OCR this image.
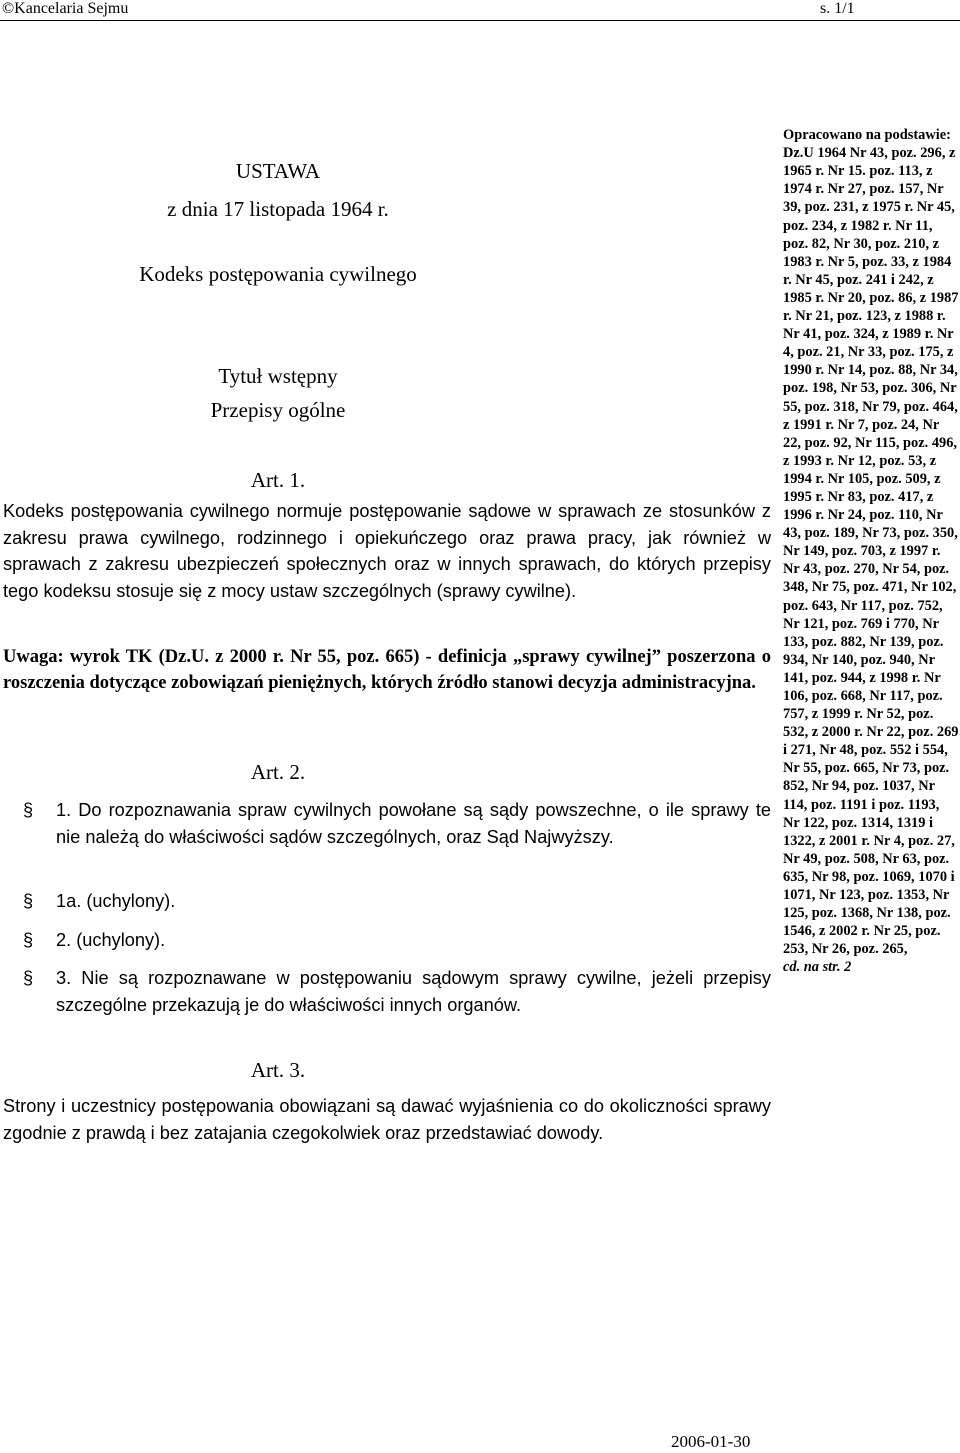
©Kancelaria Sejmu	s. 1/1
USTAWA
z dnia 17 listopada 1964 r.
Kodeks postępowania cywilnego
Tytuł wstępny
Przepisy ogólne
Art. 1.
Kodeks postępowania cywilnego normuje postępowanie sądowe w sprawach ze stosunków z zakresu prawa cywilnego, rodzinnego i opiekuńczego oraz prawa pracy, jak również w sprawach z zakresu ubezpieczeń społecznych oraz w innych sprawach, do których przepisy tego kodeksu stosuje się z mocy ustaw szczególnych (sprawy cywilne).
Uwaga: wyrok TK (Dz.U. z 2000 r. Nr 55, poz. 665) - definicja „sprawy cywilnej” poszerzona o roszczenia dotyczące zobowiązań pieniężnych, których źródło stanowi decyzja administracyjna.
Art. 2.
§ 1. Do rozpoznawania spraw cywilnych powołane są sądy powszechne, o ile sprawy te nie należą do właściwości sądów szczególnych, oraz Sąd Najwyższy.
§ 1a. (uchylony).
§ 2. (uchylony).
§ 3. Nie są rozpoznawane w postępowaniu sądowym sprawy cywilne, jeżeli przepisy szczególne przekazują je do właściwości innych organów.
Art. 3.
Strony i uczestnicy postępowania obowiązani są dawać wyjaśnienia co do okoliczności sprawy zgodnie z prawdą i bez zatajania czegokolwiek oraz przedstawiać dowody.

Opracowano na podstawie: Dz.U 1964 Nr 43, poz. 296, z 1965 r. Nr 15. poz. 113, z 1974 r. Nr 27, poz. 157, Nr 39, poz. 231, z 1975 r. Nr 45, poz. 234, z 1982 r. Nr 11, poz. 82, Nr 30, poz. 210, z 1983 r. Nr 5, poz. 33, z 1984 r. Nr 45, poz. 241 i 242, z 1985 r. Nr 20, poz. 86, z 1987 r. Nr 21, poz. 123, z 1988 r. Nr 41, poz. 324, z 1989 r. Nr 4, poz. 21, Nr 33, poz. 175, z 1990 r. Nr 14, poz. 88, Nr 34, poz. 198, Nr 53, poz. 306, Nr 55, poz. 318, Nr 79, poz. 464, z 1991 r. Nr 7, poz. 24, Nr 22, poz. 92, Nr 115, poz. 496, z 1993 r. Nr 12, poz. 53, z 1994 r. Nr 105, poz. 509, z 1995 r. Nr 83, poz. 417, z 1996 r. Nr 24, poz. 110, Nr 43, poz. 189, Nr 73, poz. 350, Nr 149, poz. 703, z 1997 r. Nr 43, poz. 270, Nr 54, poz. 348, Nr 75, poz. 471, Nr 102, poz. 643, Nr 117, poz. 752, Nr 121, poz. 769 i 770, Nr 133, poz. 882, Nr 139, poz. 934, Nr 140, poz. 940, Nr 141, poz. 944, z 1998 r. Nr 106, poz. 668, Nr 117, poz. 757, z 1999 r. Nr 52, poz. 532, z 2000 r. Nr 22, poz. 269 i 271, Nr 48, poz. 552 i 554, Nr 55, poz. 665, Nr 73, poz. 852, Nr 94, poz. 1037, Nr 114, poz. 1191 i poz. 1193, Nr 122, poz. 1314, 1319 i 1322, z 2001 r. Nr 4, poz. 27, Nr 49, poz. 508, Nr 63, poz. 635, Nr 98, poz. 1069, 1070 i 1071, Nr 123, poz. 1353, Nr 125, poz. 1368, Nr 138, poz. 1546, z 2002 r. Nr 25, poz. 253, Nr 26, poz. 265,
cd. na str. 2

2006-01-30
